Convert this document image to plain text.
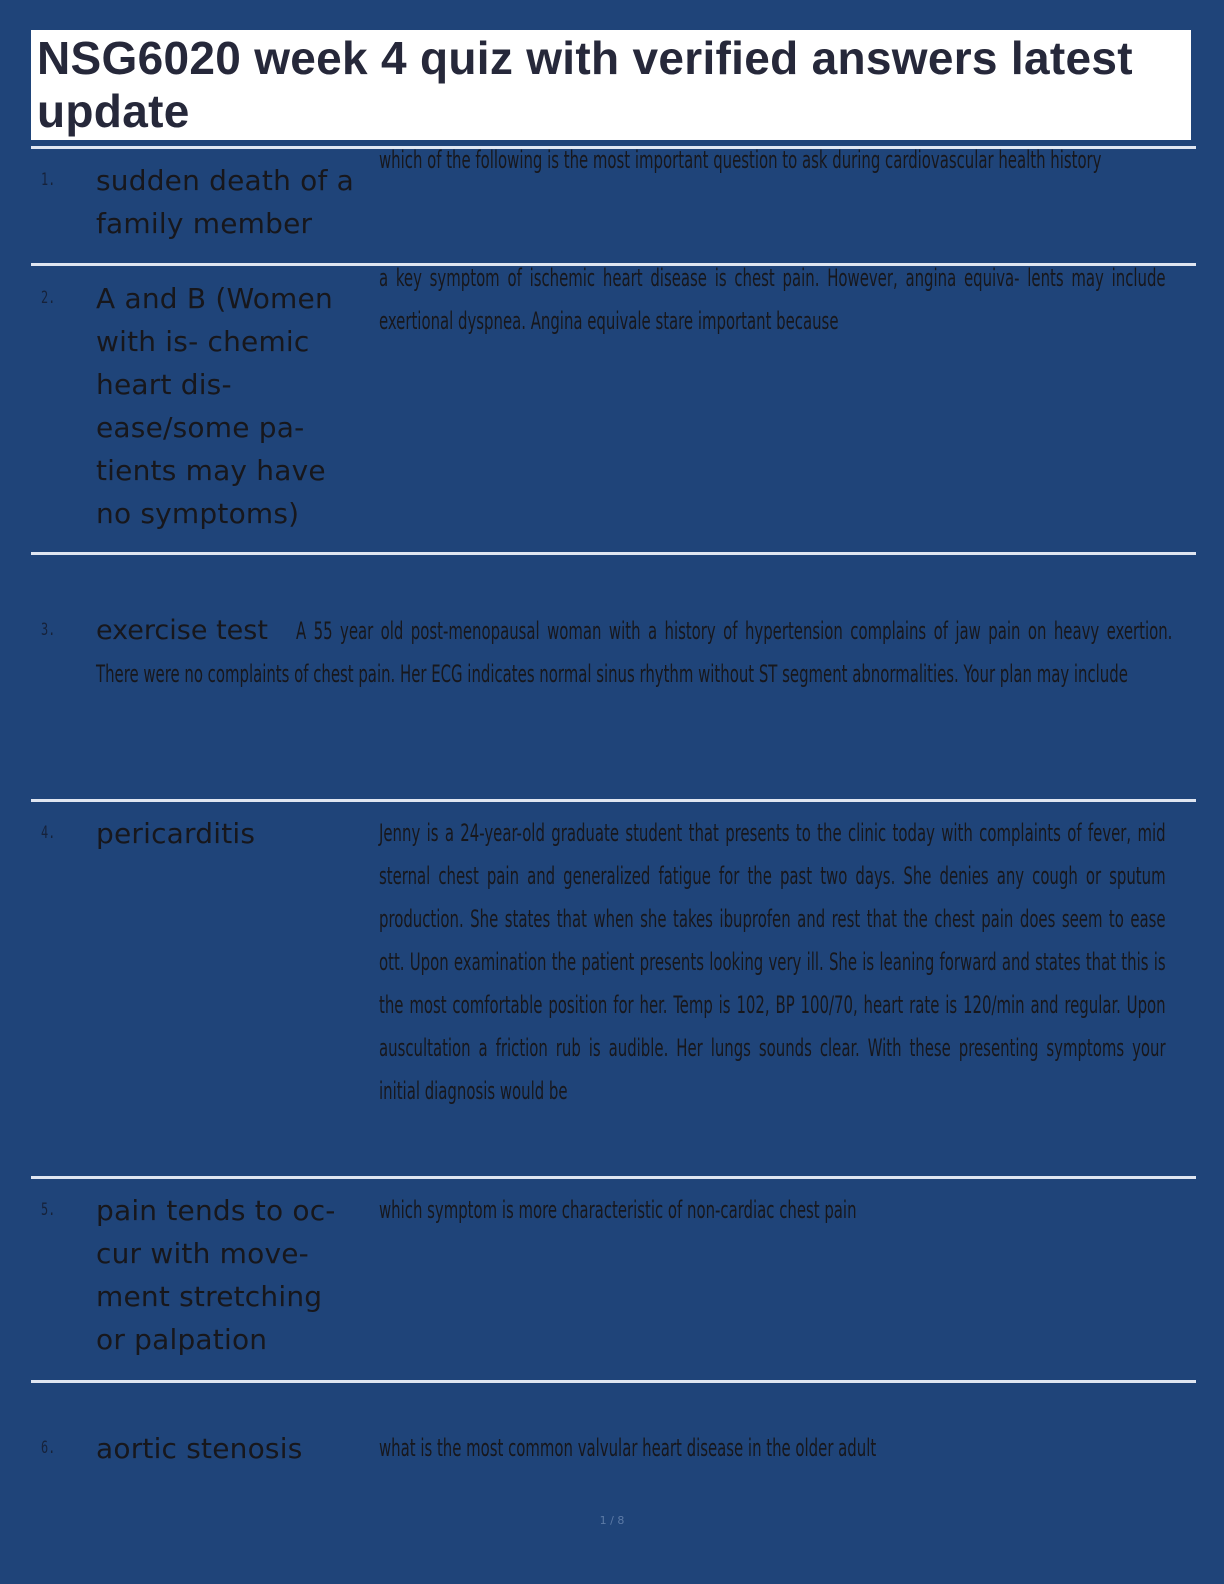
NSG6020 week 4 quiz with verified answers latest update
1. sudden death of a family member
which of the following is the most important question to ask during cardiovascular health history
2. A and B (Women with is- chemic heart dis- ease/some pa- tients may have no symptoms)
a key symptom of ischemic heart disease is chest pain. However, angina equiva- lents may include exertional dyspnea. Angina equivale stare important because
3. exercise test A 55 year old post-menopausal woman with a history of hypertension complains of jaw pain on heavy exertion. There were no complaints of chest pain. Her ECG indicates normal sinus rhythm without ST segment abnormalities. Your plan may include
4. pericarditis	Jenny is a 24-year-old graduate student that presents to the clinic today with complaints of fever, mid sternal chest pain and generalized fatigue for the past two days. She denies any cough or sputum production. She states that when she takes ibuprofen and rest that the chest pain does seem to ease ott. Upon examination the patient presents looking very ill. She is leaning forward and states that this is the most comfortable position for her. Temp is 102, BP 100/70, heart rate is 120/min and regular. Upon auscultation a friction rub is audible. Her lungs sounds clear. With these presenting symptoms your initial diagnosis would be
5. pain tends to oc- cur with move- ment stretching or palpation
which symptom is more characteristic of non-cardiac chest pain
6. aortic stenosis	what is the most common valvular heart disease in the older adult
1 / 8
